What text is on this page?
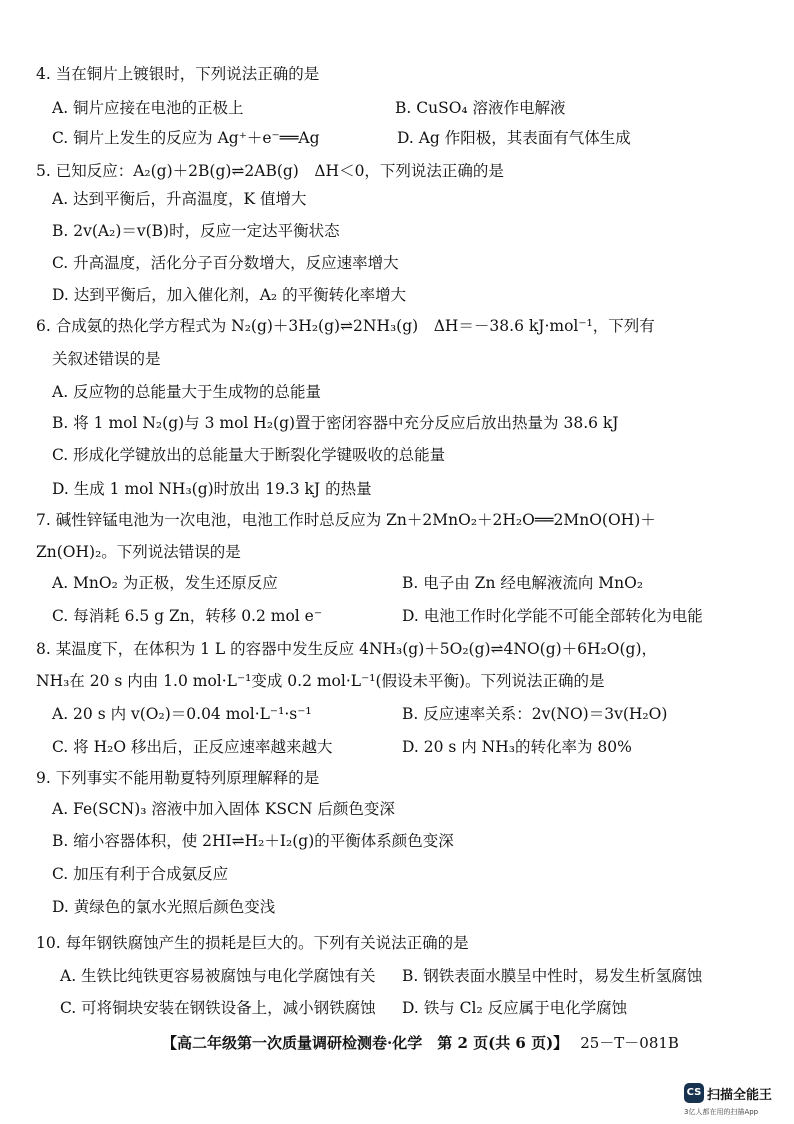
4. 当在铜片上镀银时，下列说法正确的是
A. 铜片应接在电池的正极上	B. CuSO₄ 溶液作电解液
C. 铜片上发生的反应为 Ag⁺＋e⁻══Ag	D. Ag 作阳极，其表面有气体生成
5. 已知反应：A₂(g)＋2B(g)⇌2AB(g)　ΔH＜0，下列说法正确的是
A. 达到平衡后，升高温度，K 值增大
B. 2v(A₂)＝v(B)时，反应一定达平衡状态
C. 升高温度，活化分子百分数增大，反应速率增大
D. 达到平衡后，加入催化剂，A₂ 的平衡转化率增大
6. 合成氨的热化学方程式为 N₂(g)＋3H₂(g)⇌2NH₃(g)　ΔH＝－38.6 kJ·mol⁻¹，下列有
关叙述错误的是
A. 反应物的总能量大于生成物的总能量
B. 将 1 mol N₂(g)与 3 mol H₂(g)置于密闭容器中充分反应后放出热量为 38.6 kJ
C. 形成化学键放出的总能量大于断裂化学键吸收的总能量
D. 生成 1 mol NH₃(g)时放出 19.3 kJ 的热量
7. 碱性锌锰电池为一次电池，电池工作时总反应为 Zn＋2MnO₂＋2H₂O══2MnO(OH)＋
Zn(OH)₂。下列说法错误的是
A. MnO₂ 为正极，发生还原反应	B. 电子由 Zn 经电解液流向 MnO₂
C. 每消耗 6.5 g Zn，转移 0.2 mol e⁻	D. 电池工作时化学能不可能全部转化为电能
8. 某温度下，在体积为 1 L 的容器中发生反应 4NH₃(g)＋5O₂(g)⇌4NO(g)＋6H₂O(g)，
NH₃在 20 s 内由 1.0 mol·L⁻¹变成 0.2 mol·L⁻¹(假设未平衡)。下列说法正确的是
A. 20 s 内 v(O₂)＝0.04 mol·L⁻¹·s⁻¹	B. 反应速率关系：2v(NO)＝3v(H₂O)
C. 将 H₂O 移出后，正反应速率越来越大	D. 20 s 内 NH₃的转化率为 80%
9. 下列事实不能用勒夏特列原理解释的是
A. Fe(SCN)₃ 溶液中加入固体 KSCN 后颜色变深
B. 缩小容器体积，使 2HI⇌H₂＋I₂(g)的平衡体系颜色变深
C. 加压有利于合成氨反应
D. 黄绿色的氯水光照后颜色变浅
10. 每年钢铁腐蚀产生的损耗是巨大的。下列有关说法正确的是
A. 生铁比纯铁更容易被腐蚀与电化学腐蚀有关 B. 钢铁表面水膜呈中性时，易发生析氢腐蚀
C. 可将铜块安装在钢铁设备上，减小钢铁腐蚀 D. 铁与 Cl₂ 反应属于电化学腐蚀
【高二年级第一次质量调研检测卷·化学　第 2 页(共 6 页)】 25－T－081B
CS 扫描全能王
3亿人都在用的扫描App
